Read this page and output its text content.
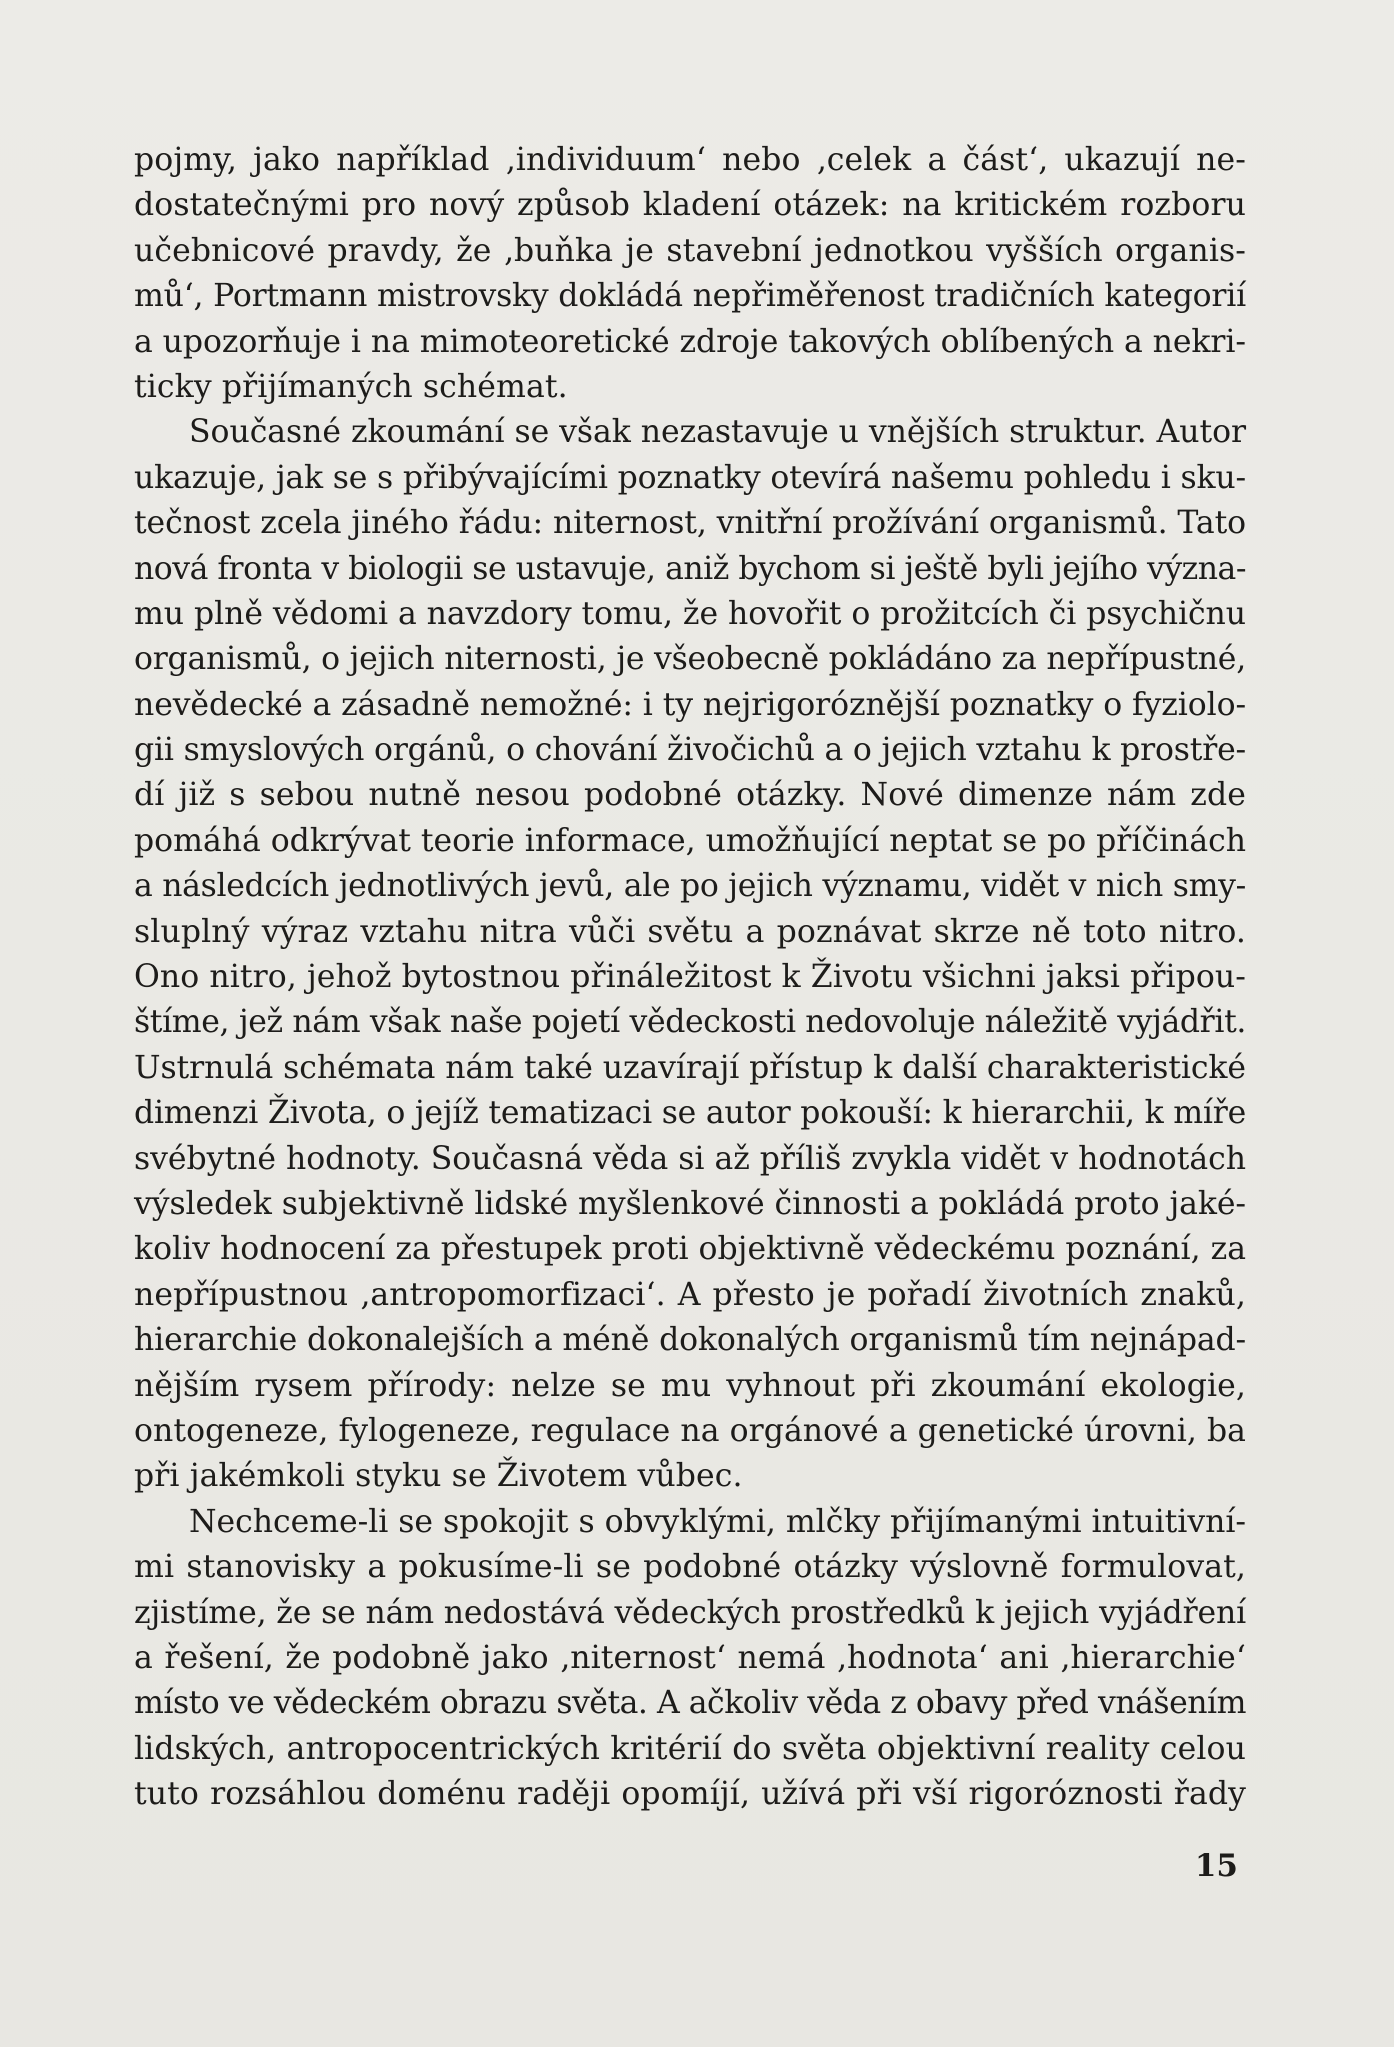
pojmy, jako například ‚individuum‘ nebo ‚celek a část‘, ukazují ne-
dostatečnými pro nový způsob kladení otázek: na kritickém rozboru
učebnicové pravdy, že ‚buňka je stavební jednotkou vyšších organis-
mů‘, Portmann mistrovsky dokládá nepřiměřenost tradičních kategorií
a upozorňuje i na mimoteoretické zdroje takových oblíbených a nekri-
ticky přijímaných schémat.
Současné zkoumání se však nezastavuje u vnějších struktur. Autor
ukazuje, jak se s přibývajícími poznatky otevírá našemu pohledu i sku-
tečnost zcela jiného řádu: niternost, vnitřní prožívání organismů. Tato
nová fronta v biologii se ustavuje, aniž bychom si ještě byli jejího význa-
mu plně vědomi a navzdory tomu, že hovořit o prožitcích či psychičnu
organismů, o jejich niternosti, je všeobecně pokládáno za nepřípustné,
nevědecké a zásadně nemožné: i ty nejrigoróznější poznatky o fyziolo-
gii smyslových orgánů, o chování živočichů a o jejich vztahu k prostře-
dí již s sebou nutně nesou podobné otázky. Nové dimenze nám zde
pomáhá odkrývat teorie informace, umožňující neptat se po příčinách
a následcích jednotlivých jevů, ale po jejich významu, vidět v nich smy-
sluplný výraz vztahu nitra vůči světu a poznávat skrze ně toto nitro.
Ono nitro, jehož bytostnou přináležitost k Životu všichni jaksi připou-
štíme, jež nám však naše pojetí vědeckosti nedovoluje náležitě vyjádřit.
Ustrnulá schémata nám také uzavírají přístup k další charakteristické
dimenzi Života, o jejíž tematizaci se autor pokouší: k hierarchii, k míře
svébytné hodnoty. Současná věda si až příliš zvykla vidět v hodnotách
výsledek subjektivně lidské myšlenkové činnosti a pokládá proto jaké-
koliv hodnocení za přestupek proti objektivně vědeckému poznání, za
nepřípustnou ‚antropomorfizaci‘. A přesto je pořadí životních znaků,
hierarchie dokonalejších a méně dokonalých organismů tím nejnápad-
nějším rysem přírody: nelze se mu vyhnout při zkoumání ekologie,
ontogeneze, fylogeneze, regulace na orgánové a genetické úrovni, ba
při jakémkoli styku se Životem vůbec.
Nechceme-li se spokojit s obvyklými, mlčky přijímanými intuitivní-
mi stanovisky a pokusíme-li se podobné otázky výslovně formulovat,
zjistíme, že se nám nedostává vědeckých prostředků k jejich vyjádření
a řešení, že podobně jako ‚niternost‘ nemá ‚hodnota‘ ani ‚hierarchie‘
místo ve vědeckém obrazu světa. A ačkoliv věda z obavy před vnášením
lidských, antropocentrických kritérií do světa objektivní reality celou
tuto rozsáhlou doménu raději opomíjí, užívá při vší rigoróznosti řady
15
